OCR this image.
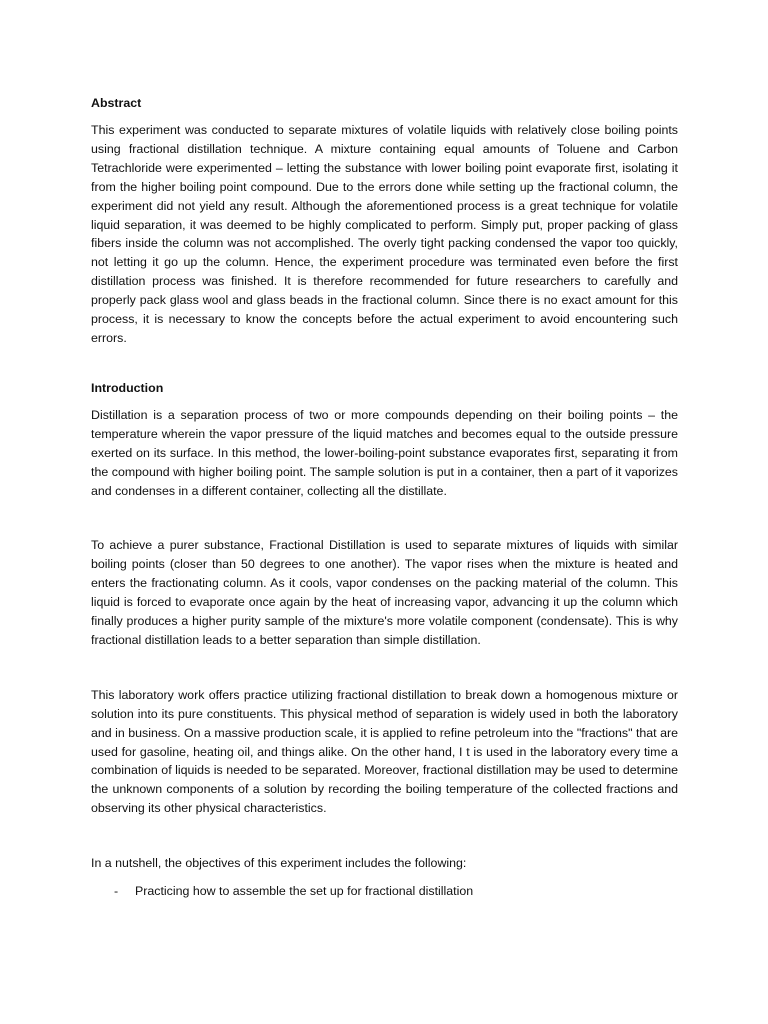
Abstract

This experiment was conducted to separate mixtures of volatile liquids with relatively close boiling points using fractional distillation technique. A mixture containing equal amounts of Toluene and Carbon Tetrachloride were experimented – letting the substance with lower boiling point evaporate first, isolating it from the higher boiling point compound. Due to the errors done while setting up the fractional column, the experiment did not yield any result. Although the aforementioned process is a great technique for volatile liquid separation, it was deemed to be highly complicated to perform. Simply put, proper packing of glass fibers inside the column was not accomplished. The overly tight packing condensed the vapor too quickly, not letting it go up the column. Hence, the experiment procedure was terminated even before the first distillation process was finished. It is therefore recommended for future researchers to carefully and properly pack glass wool and glass beads in the fractional column. Since there is no exact amount for this process, it is necessary to know the concepts before the actual experiment to avoid encountering such errors.

Introduction

Distillation is a separation process of two or more compounds depending on their boiling points – the temperature wherein the vapor pressure of the liquid matches and becomes equal to the outside pressure exerted on its surface. In this method, the lower-boiling-point substance evaporates first, separating it from the compound with higher boiling point. The sample solution is put in a container, then a part of it vaporizes and condenses in a different container, collecting all the distillate.

To achieve a purer substance, Fractional Distillation is used to separate mixtures of liquids with similar boiling points (closer than 50 degrees to one another). The vapor rises when the mixture is heated and enters the fractionating column. As it cools, vapor condenses on the packing material of the column. This liquid is forced to evaporate once again by the heat of increasing vapor, advancing it up the column which finally produces a higher purity sample of the mixture's more volatile component (condensate). This is why fractional distillation leads to a better separation than simple distillation.

This laboratory work offers practice utilizing fractional distillation to break down a homogenous mixture or solution into its pure constituents. This physical method of separation is widely used in both the laboratory and in business. On a massive production scale, it is applied to refine petroleum into the "fractions" that are used for gasoline, heating oil, and things alike. On the other hand, I t is used in the laboratory every time a combination of liquids is needed to be separated. Moreover, fractional distillation may be used to determine the unknown components of a solution by recording the boiling temperature of the collected fractions and observing its other physical characteristics.

In a nutshell, the objectives of this experiment includes the following:

-	Practicing how to assemble the set up for fractional distillation
